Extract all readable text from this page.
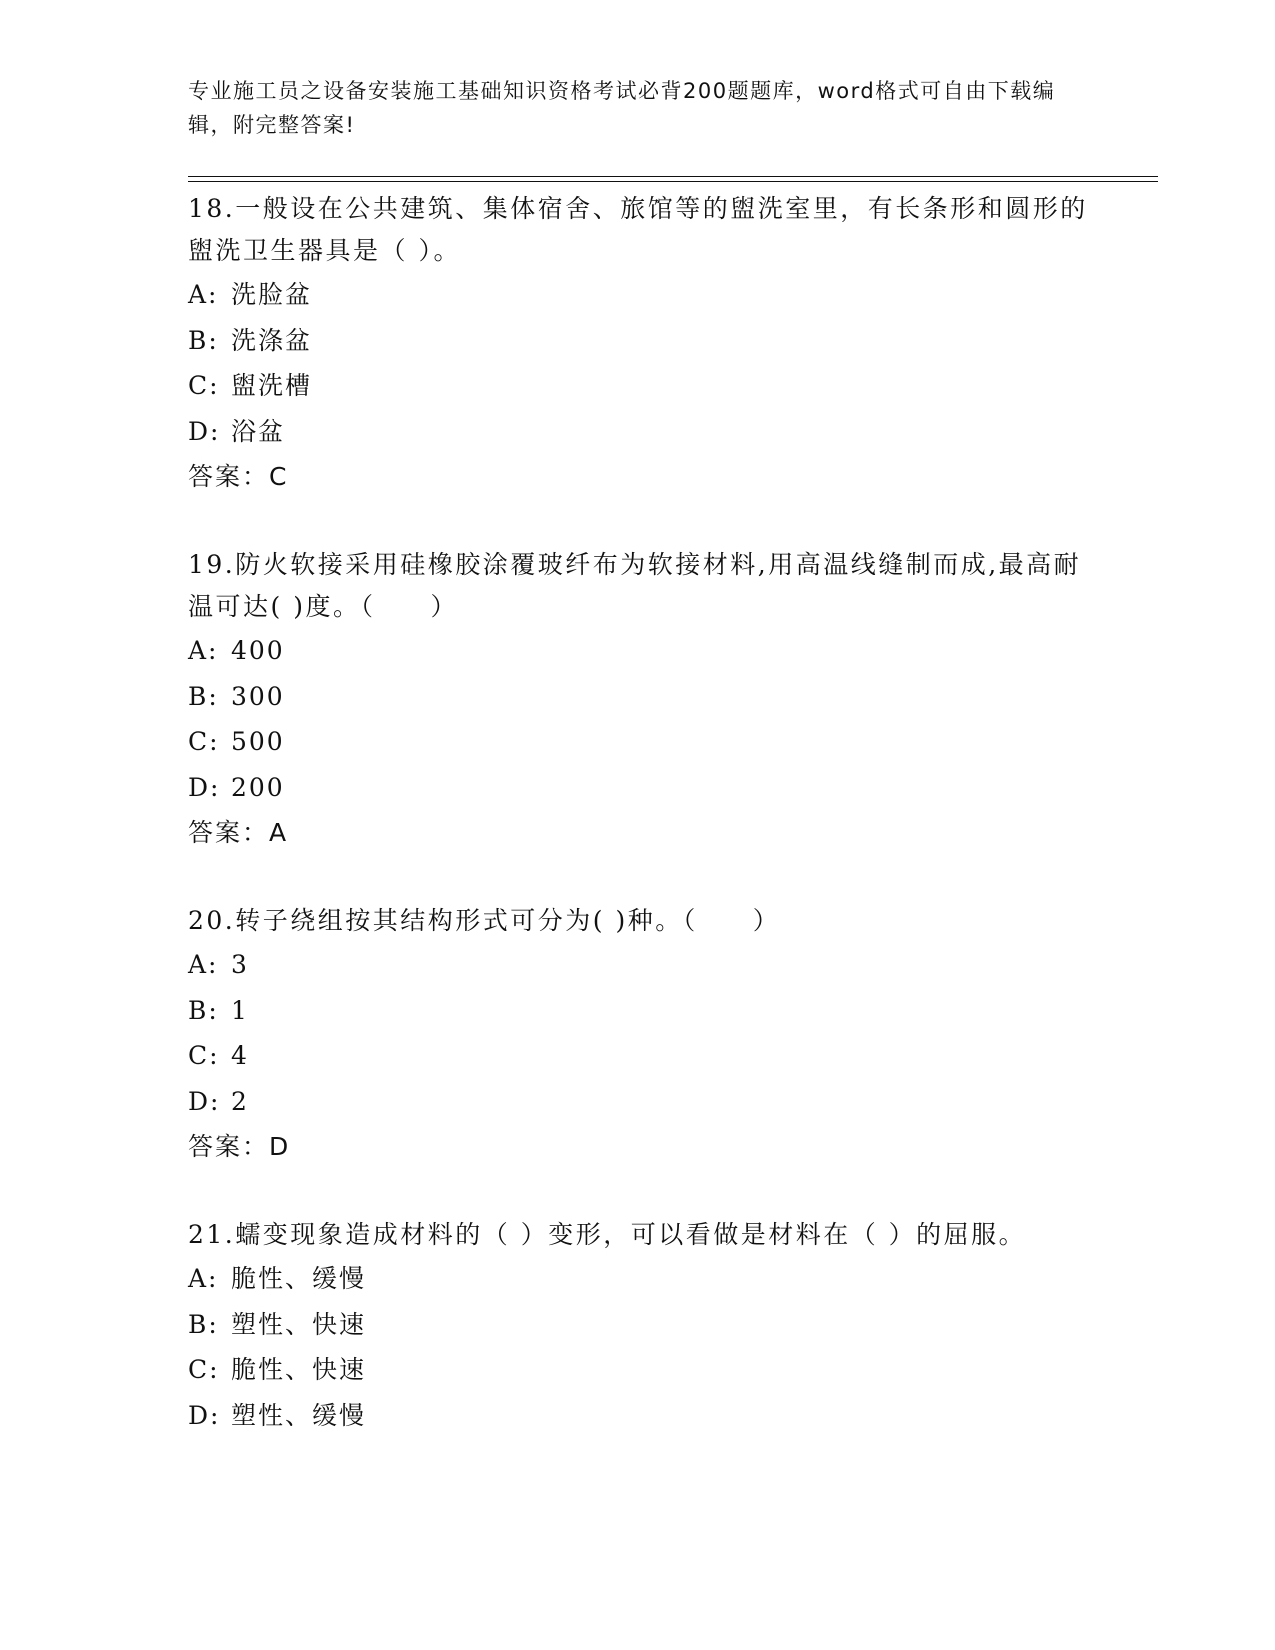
专业施工员之设备安装施工基础知识资格考试必背200题题库，word格式可自由下载编辑，附完整答案!

18.一般设在公共建筑、集体宿舍、旅馆等的盥洗室里，有长条形和圆形的盥洗卫生器具是（ ）。

A: 洗脸盆

B: 洗涤盆

C: 盥洗槽

D: 浴盆

答案：C

19.防火软接采用硅橡胶涂覆玻纤布为软接材料,用高温线缝制而成,最高耐温可达( )度。（　　）

A: 400

B: 300

C: 500

D: 200

答案：A

20.转子绕组按其结构形式可分为( )种。（　　）

A: 3

B: 1

C: 4

D: 2

答案：D

21.蠕变现象造成材料的（ ）变形，可以看做是材料在（ ）的屈服。

A: 脆性、缓慢

B: 塑性、快速

C: 脆性、快速

D: 塑性、缓慢
